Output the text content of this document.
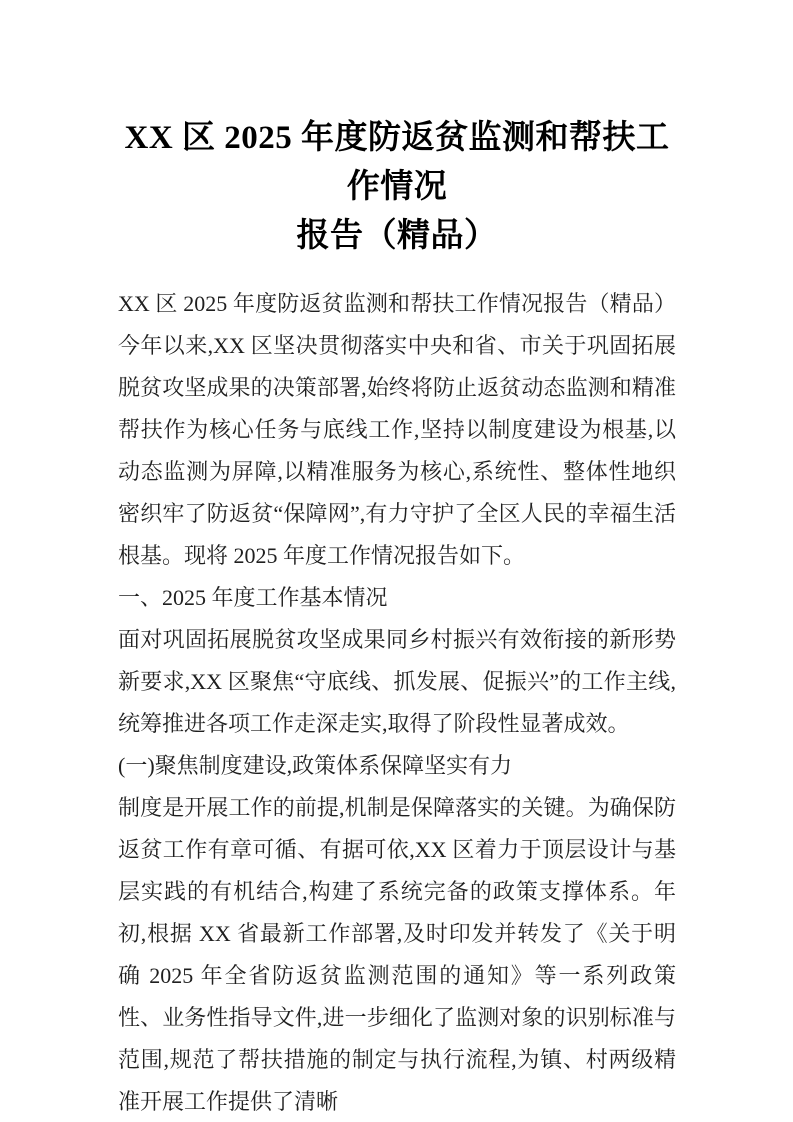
XX 区 2025 年度防返贫监测和帮扶工作情况
报告（精品）

XX 区 2025 年度防返贫监测和帮扶工作情况报告（精品）今年以来,XX 区坚决贯彻落实中央和省、市关于巩固拓展脱贫攻坚成果的决策部署,始终将防止返贫动态监测和精准帮扶作为核心任务与底线工作,坚持以制度建设为根基,以动态监测为屏障,以精准服务为核心,系统性、整体性地织密织牢了防返贫“保障网”,有力守护了全区人民的幸福生活根基。现将 2025 年度工作情况报告如下。

一、2025 年度工作基本情况

面对巩固拓展脱贫攻坚成果同乡村振兴有效衔接的新形势新要求,XX 区聚焦“守底线、抓发展、促振兴”的工作主线,统筹推进各项工作走深走实,取得了阶段性显著成效。

(一)聚焦制度建设,政策体系保障坚实有力

制度是开展工作的前提,机制是保障落实的关键。为确保防返贫工作有章可循、有据可依,XX 区着力于顶层设计与基层实践的有机结合,构建了系统完备的政策支撑体系。年初,根据 XX 省最新工作部署,及时印发并转发了《关于明确 2025 年全省防返贫监测范围的通知》等一系列政策性、业务性指导文件,进一步细化了监测对象的识别标准与范围,规范了帮扶措施的制定与执行流程,为镇、村两级精准开展工作提供了清晰
